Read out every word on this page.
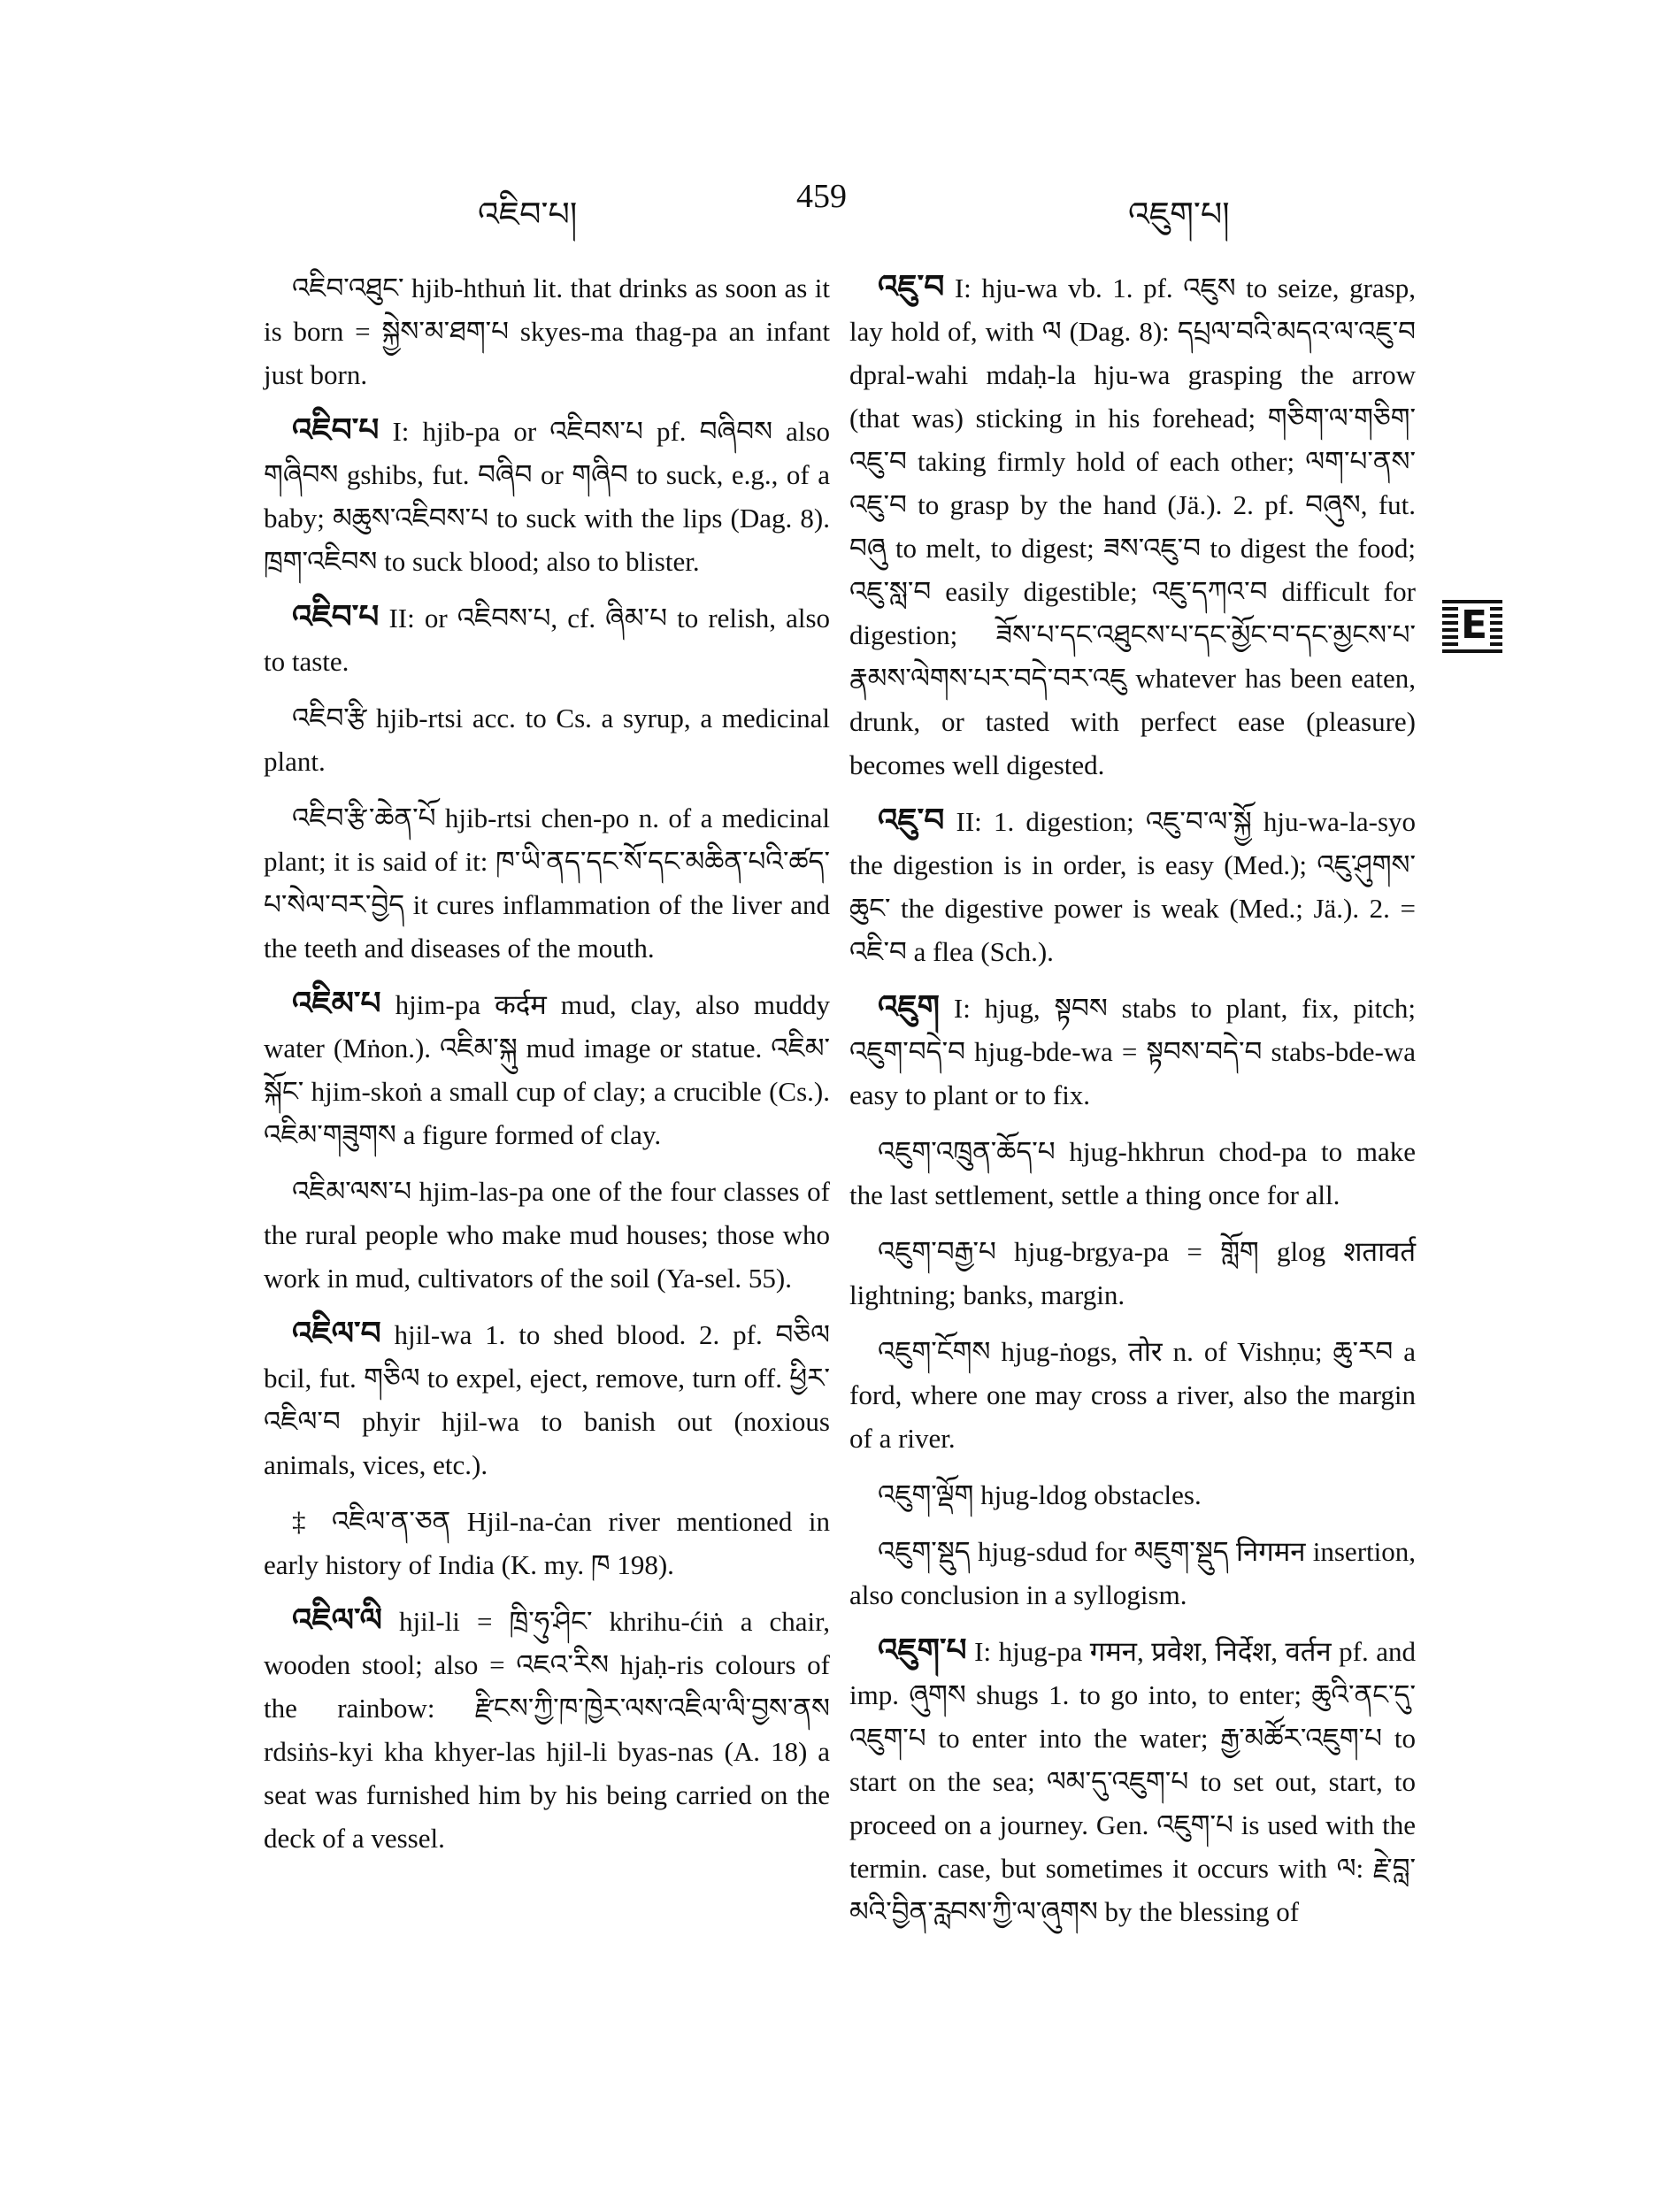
འཇིབ་པ།	459	འཇུག་པ།
E

འཇིབ་འཐུང་ hjib-hthuṅ lit. that drinks as soon as it is born = སྐྱེས་མ་ཐག་པ skyes-ma thag-pa an infant just born.

འཇིབ་པ I: hjib-pa or འཇིབས་པ pf. བཞིབས also གཞིབས gshibs, fut. བཞིབ or གཞིབ to suck, e.g., of a baby; མཆུས་འཇིབས་པ to suck with the lips (Dag. 8). ཁྲག་འཇིབས to suck blood; also to blister.

འཇིབ་པ II: or འཇིབས་པ, cf. ཞིམ་པ to relish, also to taste.

འཇིབ་རྩི hjib-rtsi acc. to Cs. a syrup, a medicinal plant.

འཇིབ་རྩི་ཆེན་པོ hjib-rtsi chen-po n. of a medicinal plant; it is said of it: ཁ་ཡི་ནད་དང་སོ་དང་མཆིན་པའི་ཚད་པ་སེལ་བར་བྱེད it cures inflammation of the liver and the teeth and diseases of the mouth.

འཇིམ་པ hjim-pa कर्दम mud, clay, also muddy water (Mṅon.). འཇིམ་སྐུ mud image or statue. འཇིམ་སྐོང་ hjim-skoṅ a small cup of clay; a crucible (Cs.). འཇིམ་གཟུགས a figure formed of clay.

འཇིམ་ལས་པ hjim-las-pa one of the four classes of the rural people who make mud houses; those who work in mud, cultivators of the soil (Ya-sel. 55).

འཇིལ་བ hjil-wa 1. to shed blood. 2. pf. བཅིལ bcil, fut. གཅིལ to expel, eject, remove, turn off. ཕྱིར་འཇིལ་བ phyir hjil-wa to banish out (noxious animals, vices, etc.).

‡ འཇིལ་ན་ཅན Hjil-na-ċan river mentioned in early history of India (K. my. ཁ 198).

འཇིལ་ལི hjil-li = ཁྲི་ཧུ་ཤིང་ khrihu-ćiṅ a chair, wooden stool; also = འཇའ་རིས hjaḥ-ris colours of the rainbow: རྫིངས་ཀྱི་ཁ་ཁྱེར་ལས་འཇིལ་ལི་བྱས་ནས rdsiṅs-kyi kha khyer-las hjil-li byas-nas (A. 18) a seat was furnished him by his being carried on the deck of a vessel.

འཇུ་བ I: hju-wa vb. 1. pf. འཇུས to seize, grasp, lay hold of, with ལ (Dag. 8): དཔྲལ་བའི་མདའ་ལ་འཇུ་བ dpral-wahi mdaḥ-la hju-wa grasping the arrow (that was) sticking in his forehead; གཅིག་ལ་གཅིག་འཇུ་བ taking firmly hold of each other; ལག་པ་ནས་འཇུ་བ to grasp by the hand (Jä.). 2. pf. བཞུས, fut. བཞུ to melt, to digest; ཟས་འཇུ་བ to digest the food; འཇུ་སླ་བ easily digestible; འཇུ་དཀའ་བ difficult for digestion; ཟོས་པ་དང་འཐུངས་པ་དང་མྱོང་བ་དང་མྱངས་པ་རྣམས་ལེགས་པར་བདེ་བར་འཇུ whatever has been eaten, drunk, or tasted with perfect ease (pleasure) becomes well digested.

འཇུ་བ II: 1. digestion; འཇུ་བ་ལ་སྐྱོ hju-wa-la-syo the digestion is in order, is easy (Med.); འཇུ་ཤུགས་ཆུང་ the digestive power is weak (Med.; Jä.). 2. = འཇི་བ a flea (Sch.).

འཇུག I: hjug, སྟབས stabs to plant, fix, pitch; འཇུག་བདེ་བ hjug-bde-wa = སྟབས་བདེ་བ stabs-bde-wa easy to plant or to fix.

འཇུག་འཁྲུན་ཆོད་པ hjug-hkhrun chod-pa to make the last settlement, settle a thing once for all.

འཇུག་བརྒྱ་པ hjug-brgya-pa = གློག glog शतावर्त lightning; banks, margin.

འཇུག་ངོགས hjug-ṅogs, तोर n. of Vishṇu; ཆུ་རབ a ford, where one may cross a river, also the margin of a river.

འཇུག་ལྡོག hjug-ldog obstacles.

འཇུག་སྡུད hjug-sdud for མཇུག་སྡུད निगमन insertion, also conclusion in a syllogism.

འཇུག་པ I: hjug-pa गमन, प्रवेश, निर्देश, वर्तन pf. and imp. ཞུགས shugs 1. to go into, to enter; ཆུའི་ནང་དུ་འཇུག་པ to enter into the water; རྒྱ་མཚོར་འཇུག་པ to start on the sea; ལམ་དུ་འཇུག་པ to set out, start, to proceed on a journey. Gen. འཇུག་པ is used with the termin. case, but sometimes it occurs with ལ: རྗེ་བླ་མའི་བྱིན་རླབས་ཀྱི་ལ་ཞུགས by the blessing of
